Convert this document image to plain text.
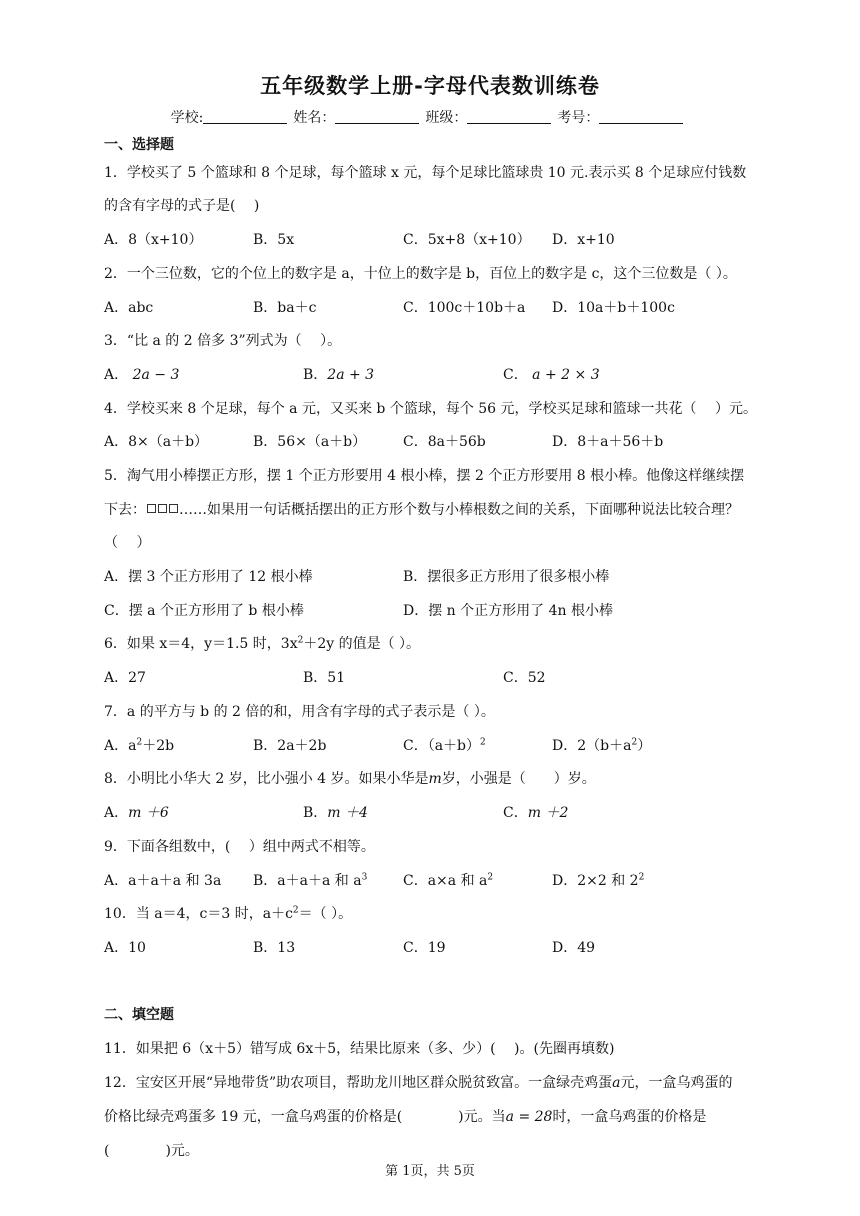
五年级数学上册-字母代表数训练卷
学校:	姓名：	班级：	考号：
一、选择题
1．学校买了 5 个篮球和 8 个足球，每个篮球 x 元，每个足球比篮球贵 10 元.表示买 8 个足球应付钱数
的含有字母的式子是(　 )
A．8（x+10）	B．5x	C．5x+8（x+10） D．x+10
2．一个三位数，它的个位上的数字是 a，十位上的数字是 b，百位上的数字是 c，这个三位数是（ ）。
A．abc	B．ba＋c	C．100c＋10b＋a D．10a＋b＋100c
3．“比 a 的 2 倍多 3”列式为（　 ）。
A． 2a − 3	B．2a + 3	C． a + 2 × 3
4．学校买来 8 个足球，每个 a 元，又买来 b 个篮球，每个 56 元，学校买足球和篮球一共花（　 ）元。
A．8×（a＋b）	B．56×（a＋b）	C．8a＋56b	D．8＋a＋56＋b
5．淘气用小棒摆正方形，摆 1 个正方形要用 4 根小棒，摆 2 个正方形要用 8 根小棒。他像这样继续摆
下去： ……如果用一句话概括摆出的正方形个数与小棒根数之间的关系，下面哪种说法比较合理？
（　 ）
A．摆 3 个正方形用了 12 根小棒	B．摆很多正方形用了很多根小棒
C．摆 a 个正方形用了 b 根小棒	D．摆 n 个正方形用了 4n 根小棒
6．如果 x＝4，y＝1.5 时，$3x^2+2y$ 的值是（ ）。
A．27	B．51	C．52
7．a 的平方与 b 的 2 倍的和，用含有字母的式子表示是（ ）。
A．$a^2+2b$	B．2a＋2b	C．$(a+b)^2$	D．$2(b+a^2)$
8．小明比小华大 2 岁，比小强小 4 岁。如果小华是m岁，小强是（　　）岁。
A．m ＋6	B．m ＋4	C．m ＋2
9．下面各组数中，(　 ）组中两式不相等。
A．a＋a＋a 和 3a B．a＋a＋a 和 $a^3$	C．a×a 和 $a^2$	D．2×2 和 $2^2$
10．当 a＝4，c＝3 时，$a+c^2=$（ ）。
A．10	B．13	C．19	D．49
二、填空题
11．如果把 6（x＋5）错写成 6x＋5，结果比原来（多、少）(　 )。(先圈再填数)
12．宝安区开展“异地带货”助农项目，帮助龙川地区群众脱贫致富。一盒绿壳鸡蛋a元，一盒乌鸡蛋的
价格比绿壳鸡蛋多 19 元，一盒乌鸡蛋的价格是(　　　　)元。当a = 28时，一盒乌鸡蛋的价格是
(　　　　)元。
第 1页，共 5页
